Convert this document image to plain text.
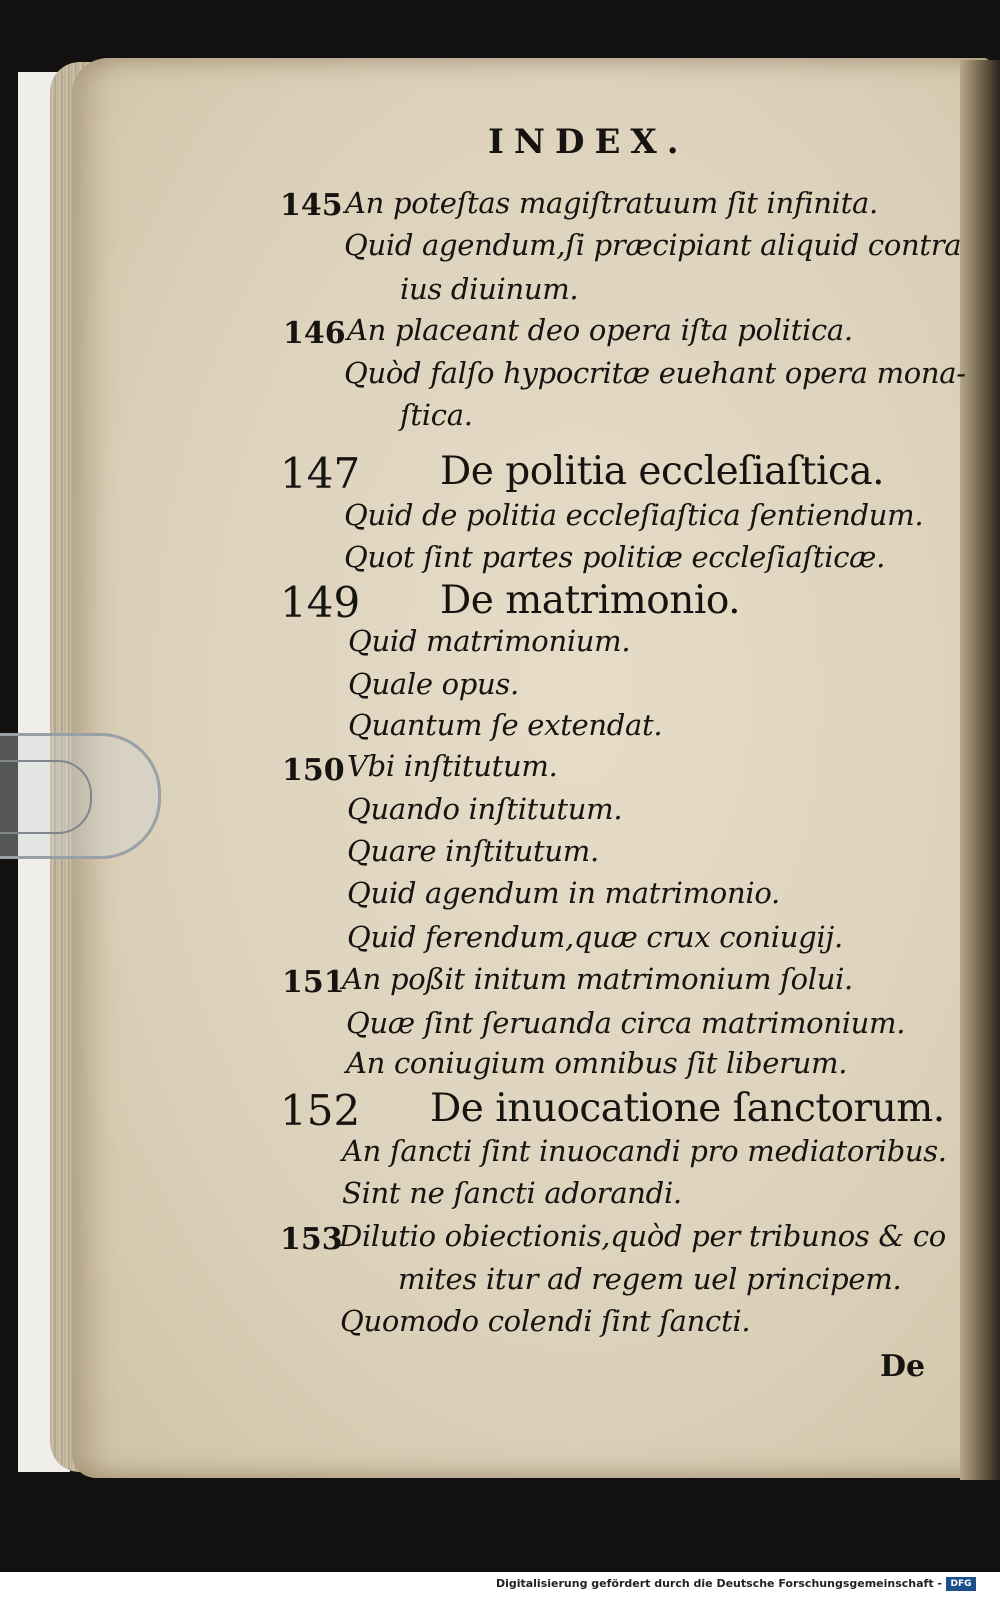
INDEX.
145 An poteſtas magiſtratuum ſit infinita.
Quid agendum,ſi præcipiant aliquid contra
ius diuinum.
146 An placeant deo opera iſta politica.
Quòd falſo hypocritæ euehant opera mona-
ſtica.
147 De politia eccleſiaſtica.
Quid de politia eccleſiaſtica ſentiendum.
Quot ſint partes politiæ eccleſiaſticæ.
149 De matrimonio.
Quid matrimonium.
Quale opus.
Quantum ſe extendat.
150 Vbi inſtitutum.
Quando inſtitutum.
Quare inſtitutum.
Quid agendum in matrimonio.
Quid ferendum,quæ crux coniugij.
151
An poßit initum matrimonium ſolui.
Quæ ſint ſeruanda circa matrimonium.
An coniugium omnibus ſit liberum.
152 De inuocatione ſanctorum.
An ſancti ſint inuocandi pro mediatoribus.
Sint ne ſancti adorandi.
153
Dilutio obiectionis,quòd per tribunos & co
mites itur ad regem uel principem.
Quomodo colendi ſint ſancti.
De
Digitalisierung gefördert durch die Deutsche Forschungsgemeinschaft - DFG
